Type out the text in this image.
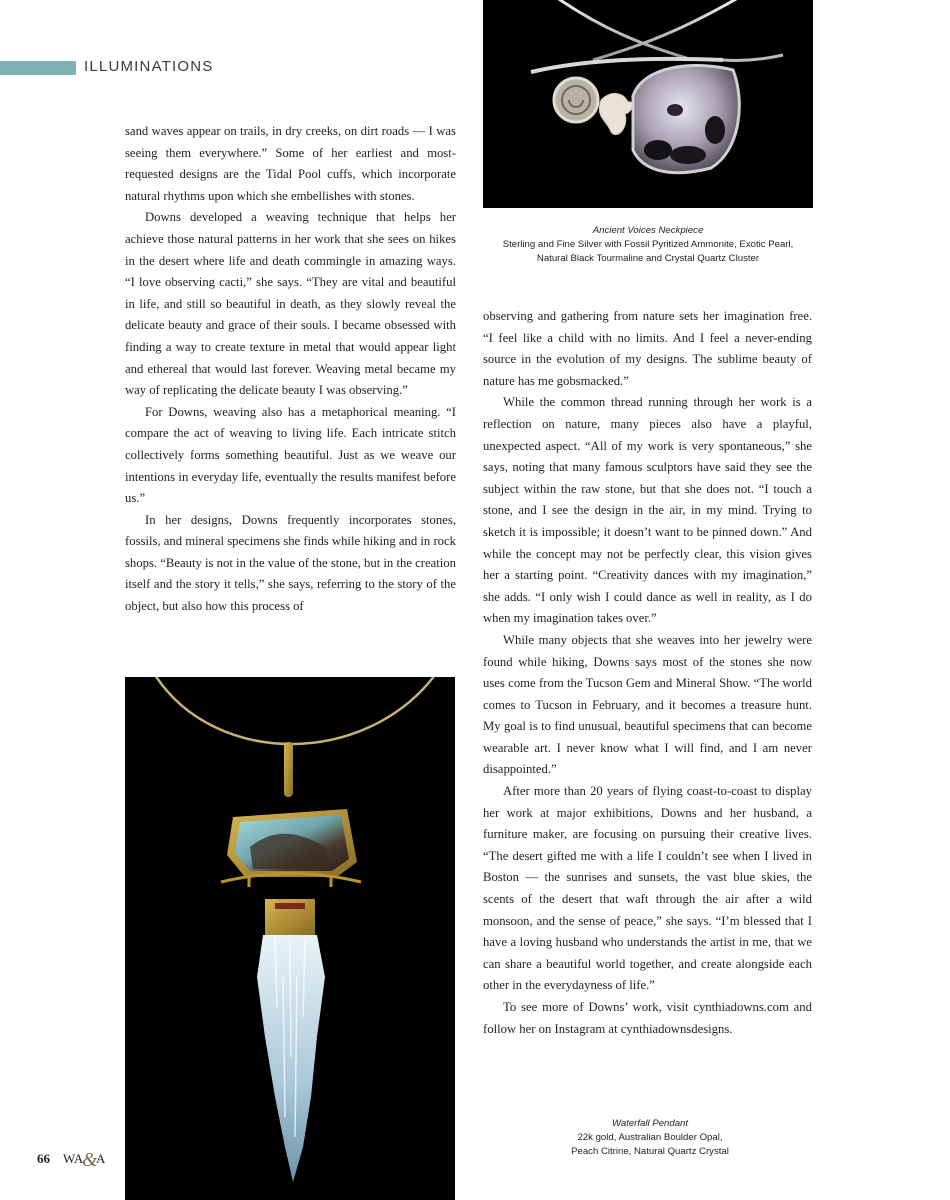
ILLUMINATIONS
Ancient Voices Neckpiece
Sterling and Fine Silver with Fossil Pyritized Ammonite, Exotic Pearl,
Natural Black Tourmaline and Crystal Quartz Cluster

sand waves appear on trails, in dry creeks, on dirt roads — I was seeing them everywhere.” Some of her earliest and most-requested designs are the Tidal Pool cuffs, which incorporate natural rhythms upon which she embellishes with stones.

Downs developed a weaving technique that helps her achieve those natural patterns in her work that she sees on hikes in the desert where life and death commingle in amazing ways. “I love observing cacti,” she says. “They are vital and beautiful in life, and still so beautiful in death, as they slowly reveal the delicate beauty and grace of their souls. I became obsessed with finding a way to create texture in metal that would appear light and ethereal that would last forever. Weaving metal became my way of replicating the delicate beauty I was observing.”

For Downs, weaving also has a metaphorical meaning. “I compare the act of weaving to living life. Each intricate stitch collectively forms something beautiful. Just as we weave our intentions in everyday life, eventually the results manifest before us.”

In her designs, Downs frequently incorporates stones, fossils, and mineral specimens she finds while hiking and in rock shops. “Beauty is not in the value of the stone, but in the creation itself and the story it tells,” she says, referring to the story of the object, but also how this process of

observing and gathering from nature sets her imagination free. “I feel like a child with no limits. And I feel a never-ending source in the evolution of my designs. The sublime beauty of nature has me gobsmacked.”

While the common thread running through her work is a reflection on nature, many pieces also have a playful, unexpected aspect. “All of my work is very spontaneous,” she says, noting that many famous sculptors have said they see the subject within the raw stone, but that she does not. “I touch a stone, and I see the design in the air, in my mind. Trying to sketch it is impossible; it doesn’t want to be pinned down.” And while the concept may not be perfectly clear, this vision gives her a starting point. “Creativity dances with my imagination,” she adds. “I only wish I could dance as well in reality, as I do when my imagination takes over.”

While many objects that she weaves into her jewelry were found while hiking, Downs says most of the stones she now uses come from the Tucson Gem and Mineral Show. “The world comes to Tucson in February, and it becomes a treasure hunt. My goal is to find unusual, beautiful specimens that can become wearable art. I never know what I will find, and I am never disappointed.”

After more than 20 years of flying coast-to-coast to display her work at major exhibitions, Downs and her husband, a furniture maker, are focusing on pursuing their creative lives. “The desert gifted me with a life I couldn’t see when I lived in Boston — the sunrises and sunsets, the vast blue skies, the scents of the desert that waft through the air after a wild monsoon, and the sense of peace,” she says. “I’m blessed that I have a loving husband who understands the artist in me, that we can share a beautiful world together, and create alongside each other in the everydayness of life.”

To see more of Downs’ work, visit cynthiadowns.com and follow her on Instagram at cynthiadownsdesigns.

Waterfall Pendant
22k gold, Australian Boulder Opal,
Peach Citrine, Natural Quartz Crystal
66 WA
&
A
